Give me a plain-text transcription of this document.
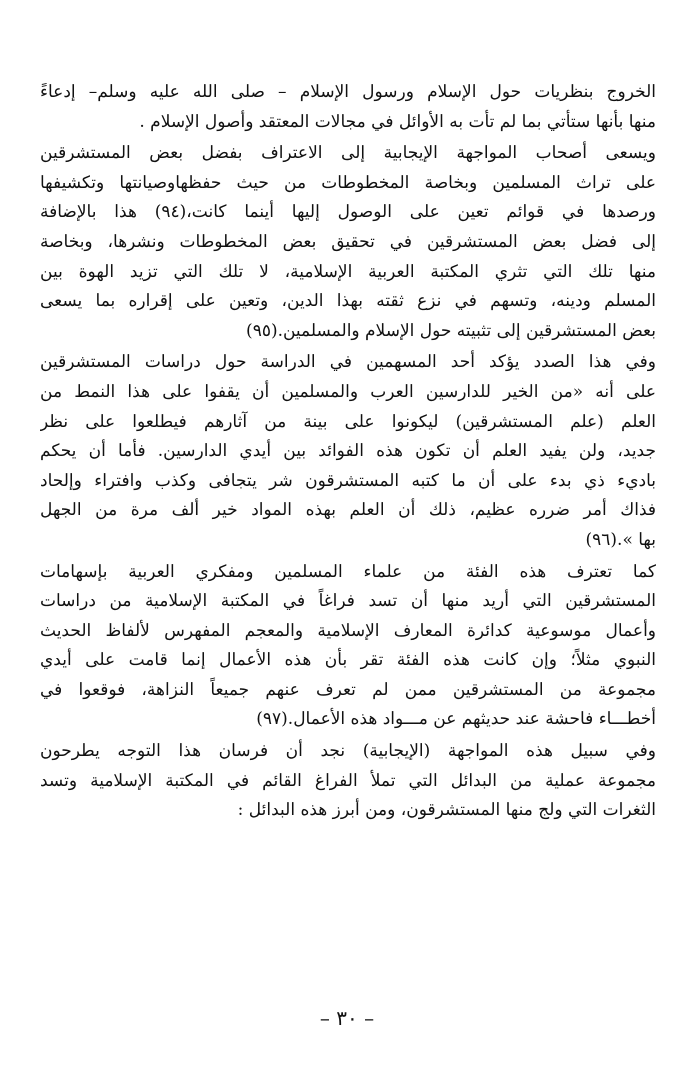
الخروج بنظريات حول الإسلام ورسول الإسلام – صلى الله عليه وسلم– إدعاءً
منها بأنها ستأتي بما لم تأت به الأوائل في مجالات المعتقد وأصول الإسلام .
ويسعى أصحاب المواجهة الإيجابية إلى الاعتراف بفضل بعض المستشرقين
على تراث المسلمين وبخاصة المخطوطات من حيث حفظهاوصيانتها وتكشيفها
ورصدها في قوائم تعين على الوصول إليها أينما كانت،(٩٤) هذا بالإضافة
إلى فضل بعض المستشرقين في تحقيق بعض المخطوطات ونشرها، وبخاصة
منها تلك التي تثري المكتبة العربية الإسلامية، لا تلك التي تزيد الهوة بين
المسلم ودينه، وتسهم في نزع ثقته بهذا الدين، وتعين على إقراره بما يسعى
بعض المستشرقين إلى تثبيته حول الإسلام والمسلمين.(٩٥)
وفي هذا الصدد يؤكد أحد المسهمين في الدراسة حول دراسات المستشرقين
على أنه «من الخير للدارسين العرب والمسلمين أن يقفوا على هذا النمط من
العلم (علم المستشرقين) ليكونوا على بينة من آثارهم فيطلعوا على نظر
جديد، ولن يفيد العلم أن تكون هذه الفوائد بين أيدي الدارسين. فأما أن يحكم
باديء ذي بدء على أن ما كتبه المستشرقون شر يتجافى وكذب وافتراء وإلحاد
فذاك أمر ضرره عظيم، ذلك أن العلم بهذه المواد خير ألف مرة من الجهل
بها ».(٩٦)
كما تعترف هذه الفئة من علماء المسلمين ومفكري العربية بإسهامات
المستشرقين التي أريد منها أن تسد فراغاً في المكتبة الإسلامية من دراسات
وأعمال موسوعية كدائرة المعارف الإسلامية والمعجم المفهرس لألفاظ الحديث
النبوي مثلاً؛ وإن كانت هذه الفئة تقر بأن هذه الأعمال إنما قامت على أيدي
مجموعة من المستشرقين ممن لم تعرف عنهم جميعاً النزاهة، فوقعوا في
أخطـــاء فاحشة عند حديثهم عن مـــواد هذه الأعمال.(٩٧)
وفي سبيل هذه المواجهة (الإيجابية) نجد أن فرسان هذا التوجه يطرحون
مجموعة عملية من البدائل التي تملأ الفراغ القائم في المكتبة الإسلامية وتسد
الثغرات التي ولج منها المستشرقون، ومن أبرز هذه البدائل :
– ٣٠ –
